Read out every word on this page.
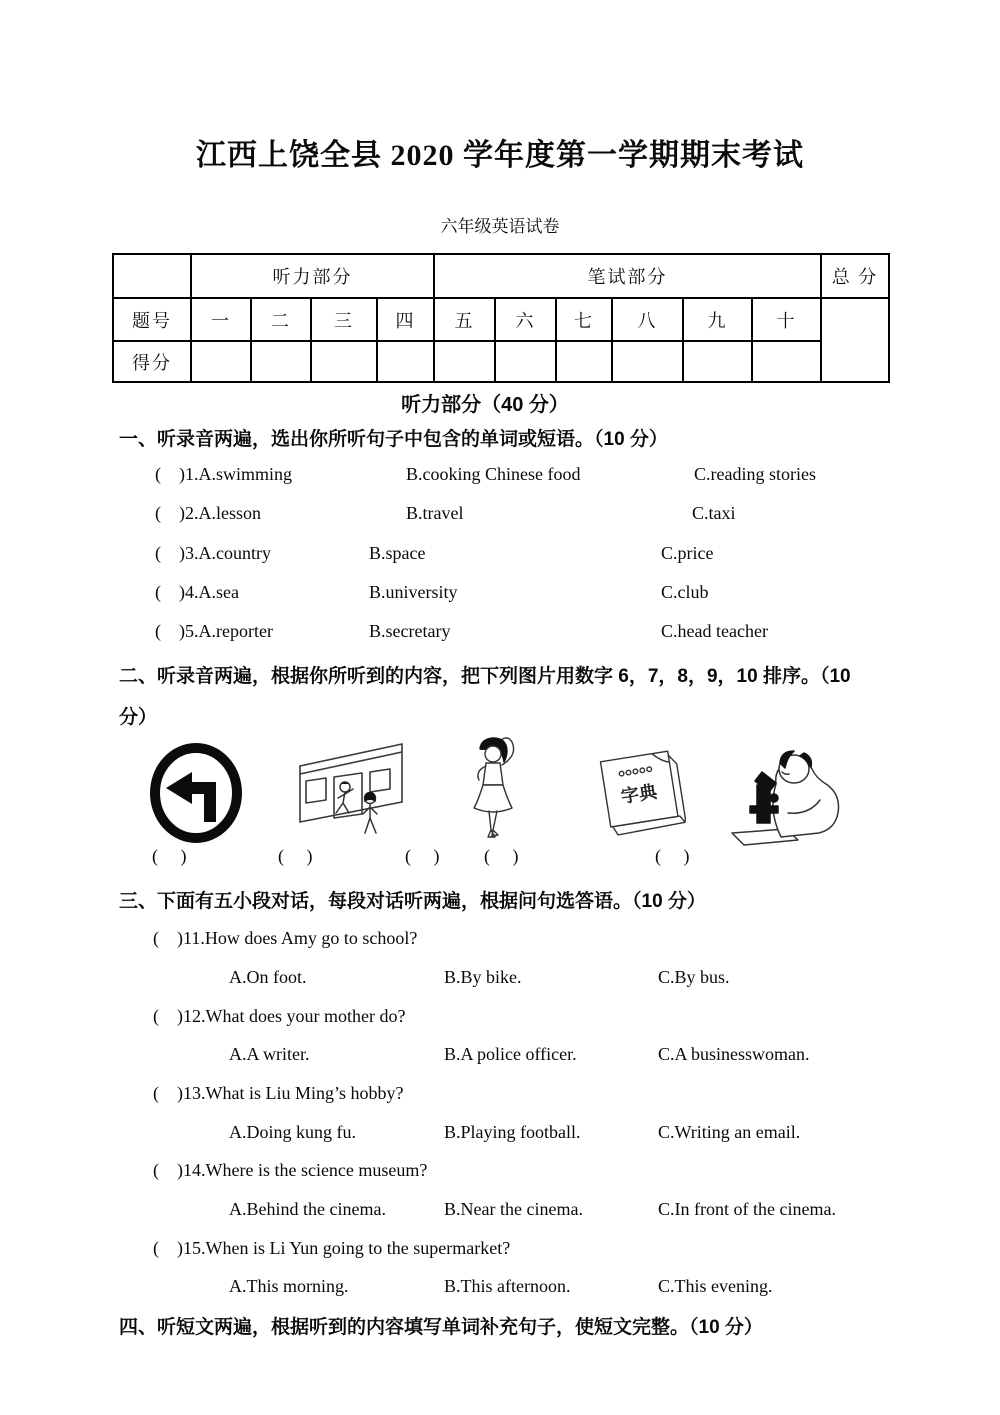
江西上饶全县 2020 学年度第一学期期末考试
六年级英语试卷
	听力部分				笔试部分						总 分
题号	一	二	三	四	五	六	七	八	九	十	
得分											
听力部分（40 分）
一、听录音两遍，选出你所听句子中包含的单词或短语。（10 分）
(    )1.A.swimming	B.cooking Chinese food	C.reading stories
(    )2.A.lesson	B.travel	C.taxi
(    )3.A.country	B.space	C.price
(    )4.A.sea	B.university	C.club
(    )5.A.reporter	B.secretary	C.head teacher
二、听录音两遍，根据你所听到的内容，把下列图片用数字 6，7，8，9，10 排序。（10
分）
字典
(     )	(     )	(     ) (     )	(     )
三、下面有五小段对话，每段对话听两遍，根据问句选答语。（10 分）
(    )11.How does Amy go to school?
A.On foot.	B.By bike.	C.By bus.
(    )12.What does your mother do?
A.A writer.	B.A police officer.	C.A businesswoman.
(    )13.What is Liu Ming’s hobby?
A.Doing kung fu.	B.Playing football.	C.Writing an email.
(    )14.Where is the science museum?
A.Behind the cinema.	B.Near the cinema.	C.In front of the cinema.
(    )15.When is Li Yun going to the supermarket?
A.This morning.	B.This afternoon.	C.This evening.
四、听短文两遍，根据听到的内容填写单词补充句子，使短文完整。（10 分）
